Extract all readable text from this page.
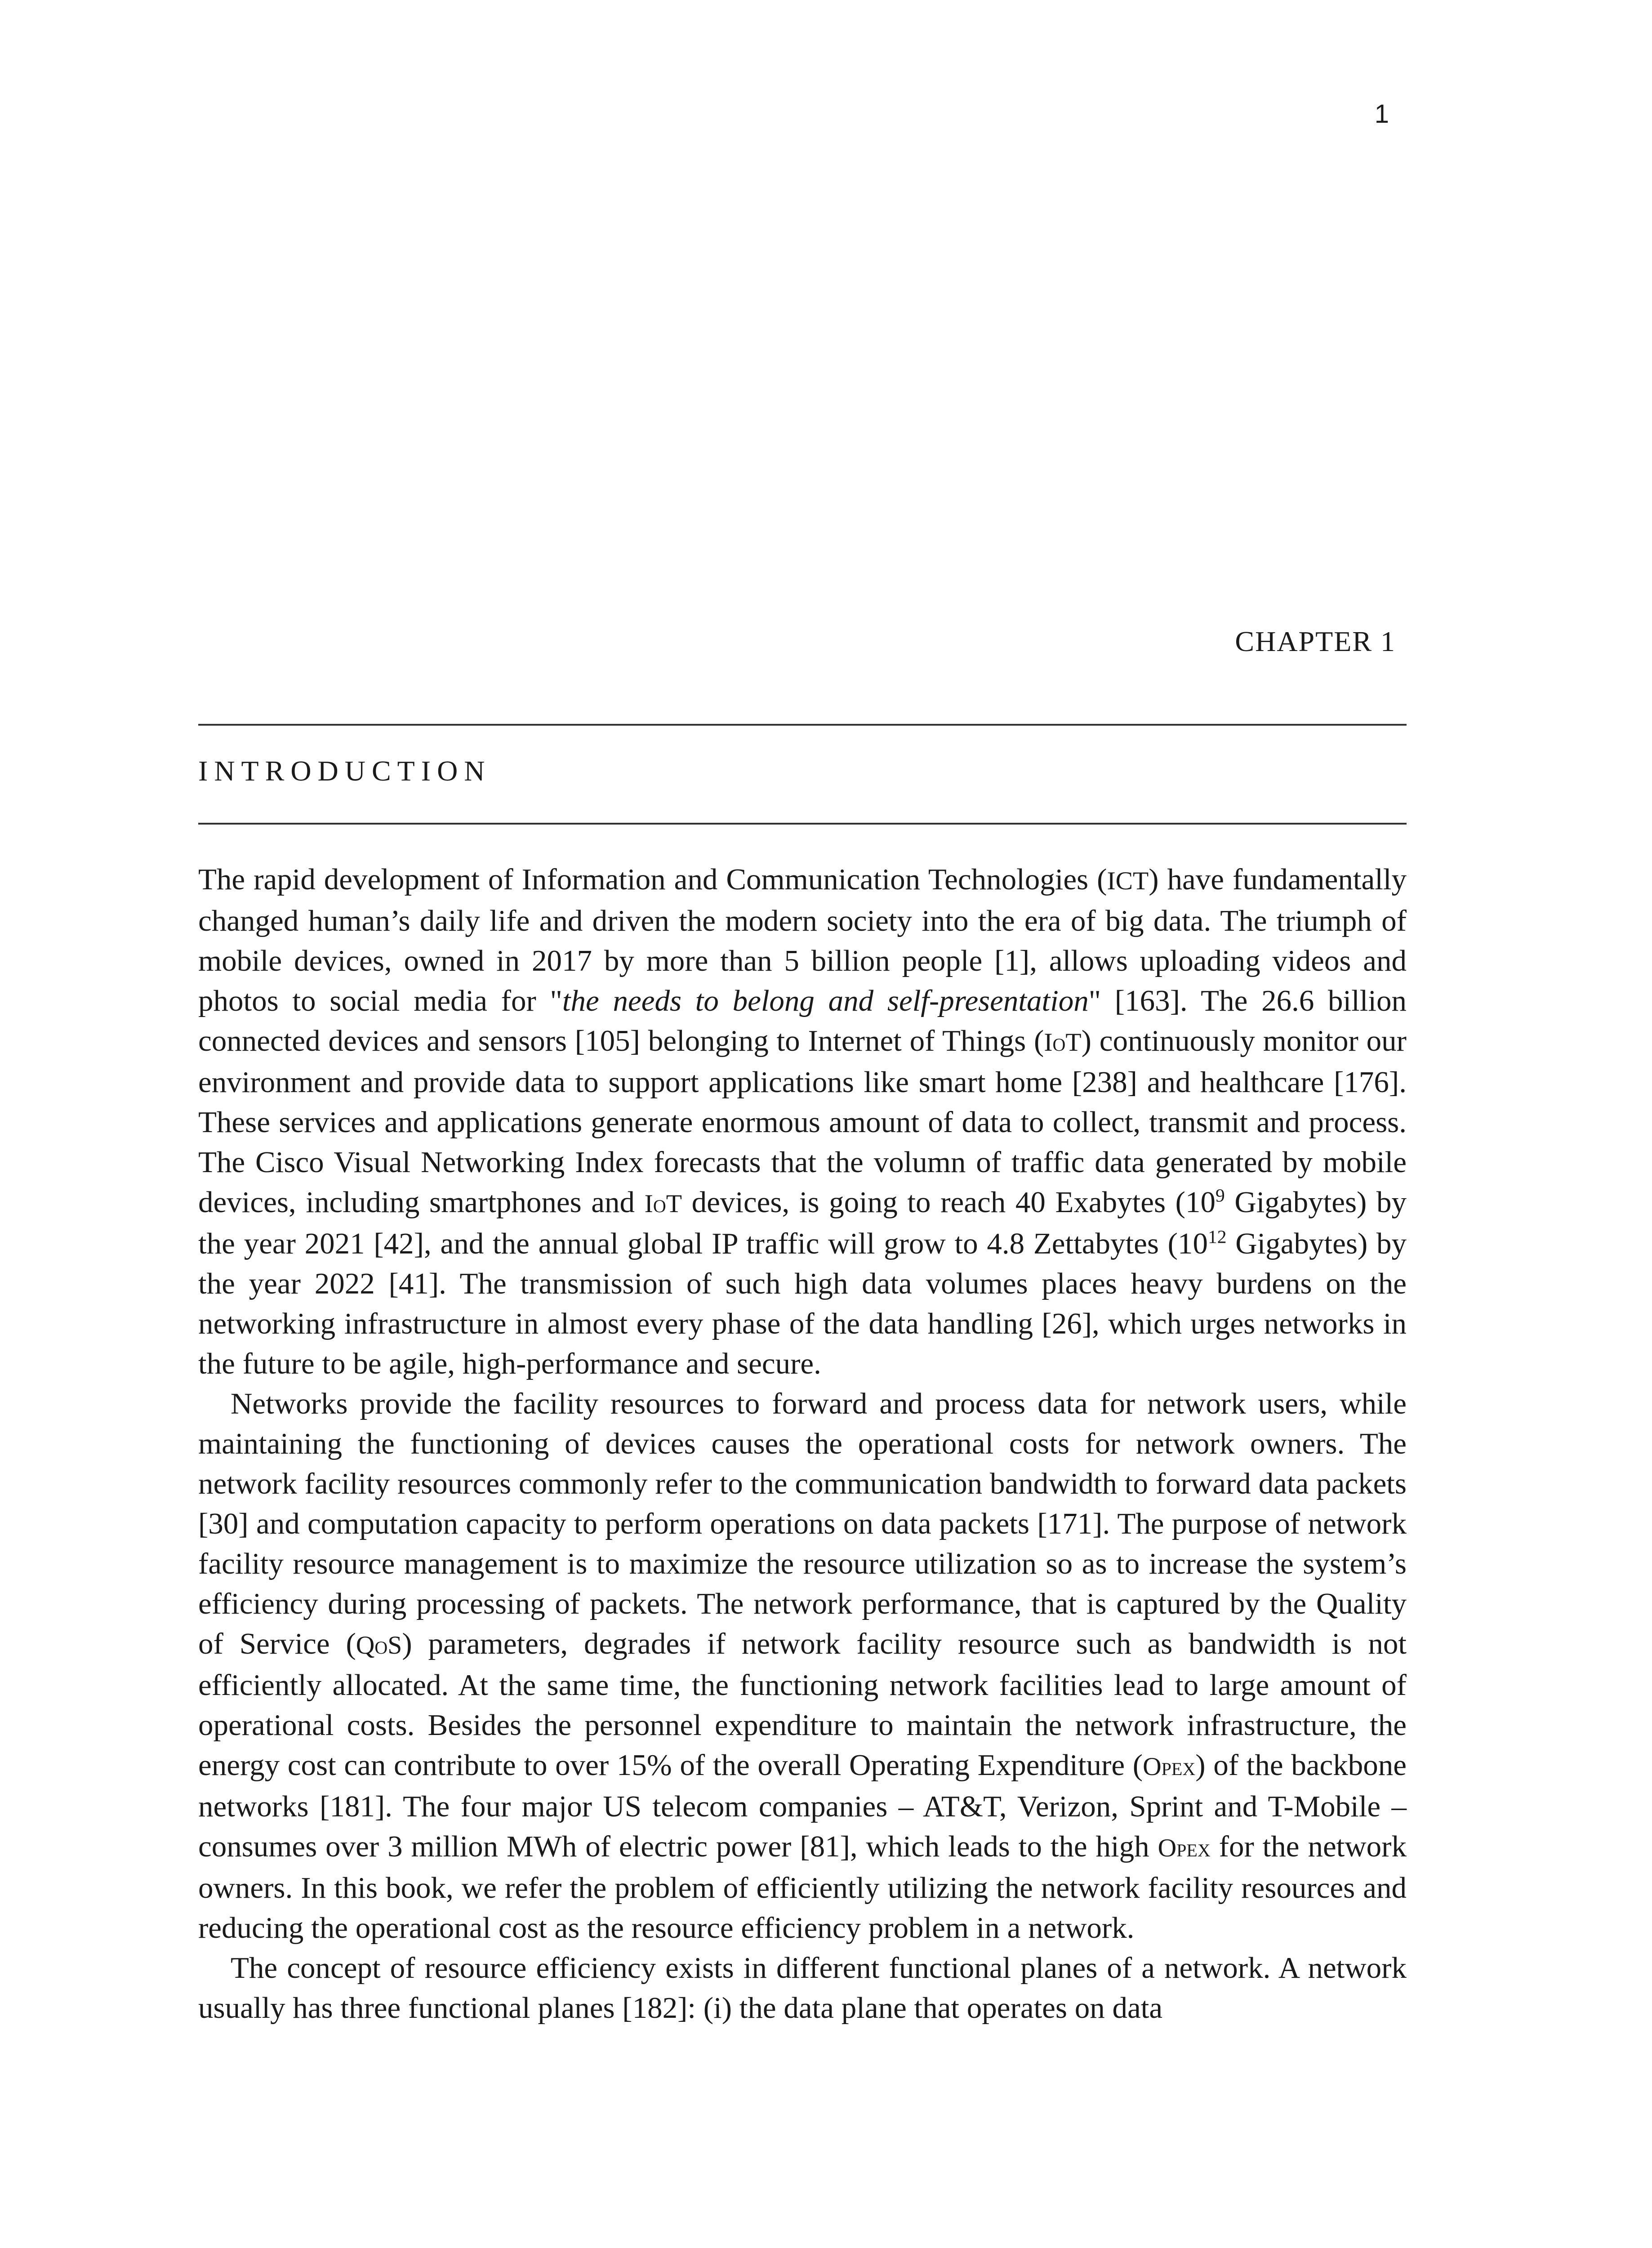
1
CHAPTER 1
INTRODUCTION

The rapid development of Information and Communication Technologies (ICT) have fundamentally changed human’s daily life and driven the modern society into the era of big data. The triumph of mobile devices, owned in 2017 by more than 5 billion people [1], allows uploading videos and photos to social media for "the needs to belong and self-presentation" [163]. The 26.6 billion connected devices and sensors [105] belonging to Internet of Things (IoT) continuously monitor our environment and provide data to support applications like smart home [238] and healthcare [176]. These services and applications generate enormous amount of data to collect, transmit and process. The Cisco Visual Networking Index forecasts that the volumn of traffic data generated by mobile devices, including smartphones and IoT devices, is going to reach 40 Exabytes ($10^9$ Gigabytes) by the year 2021 [42], and the annual global IP traffic will grow to 4.8 Zettabytes ($10^{12}$ Gigabytes) by the year 2022 [41]. The transmission of such high data volumes places heavy burdens on the networking infrastructure in almost every phase of the data handling [26], which urges networks in the future to be agile, high-performance and secure.

Networks provide the facility resources to forward and process data for network users, while maintaining the functioning of devices causes the operational costs for network owners. The network facility resources commonly refer to the communication bandwidth to forward data packets [30] and computation capacity to perform operations on data packets [171]. The purpose of network facility resource management is to maximize the resource utilization so as to increase the system’s efficiency during processing of packets. The network performance, that is captured by the Quality of Service (QoS) parameters, degrades if network facility resource such as bandwidth is not efficiently allocated. At the same time, the functioning network facilities lead to large amount of operational costs. Besides the personnel expenditure to maintain the network infrastructure, the energy cost can contribute to over 15% of the overall Operating Expenditure (Opex) of the backbone networks [181]. The four major US telecom companies – AT&T, Verizon, Sprint and T-Mobile – consumes over 3 million MWh of electric power [81], which leads to the high Opex for the network owners. In this book, we refer the problem of efficiently utilizing the network facility resources and reducing the operational cost as the resource efficiency problem in a network.

The concept of resource efficiency exists in different functional planes of a network. A network usually has three functional planes [182]: (i) the data plane that operates on data
